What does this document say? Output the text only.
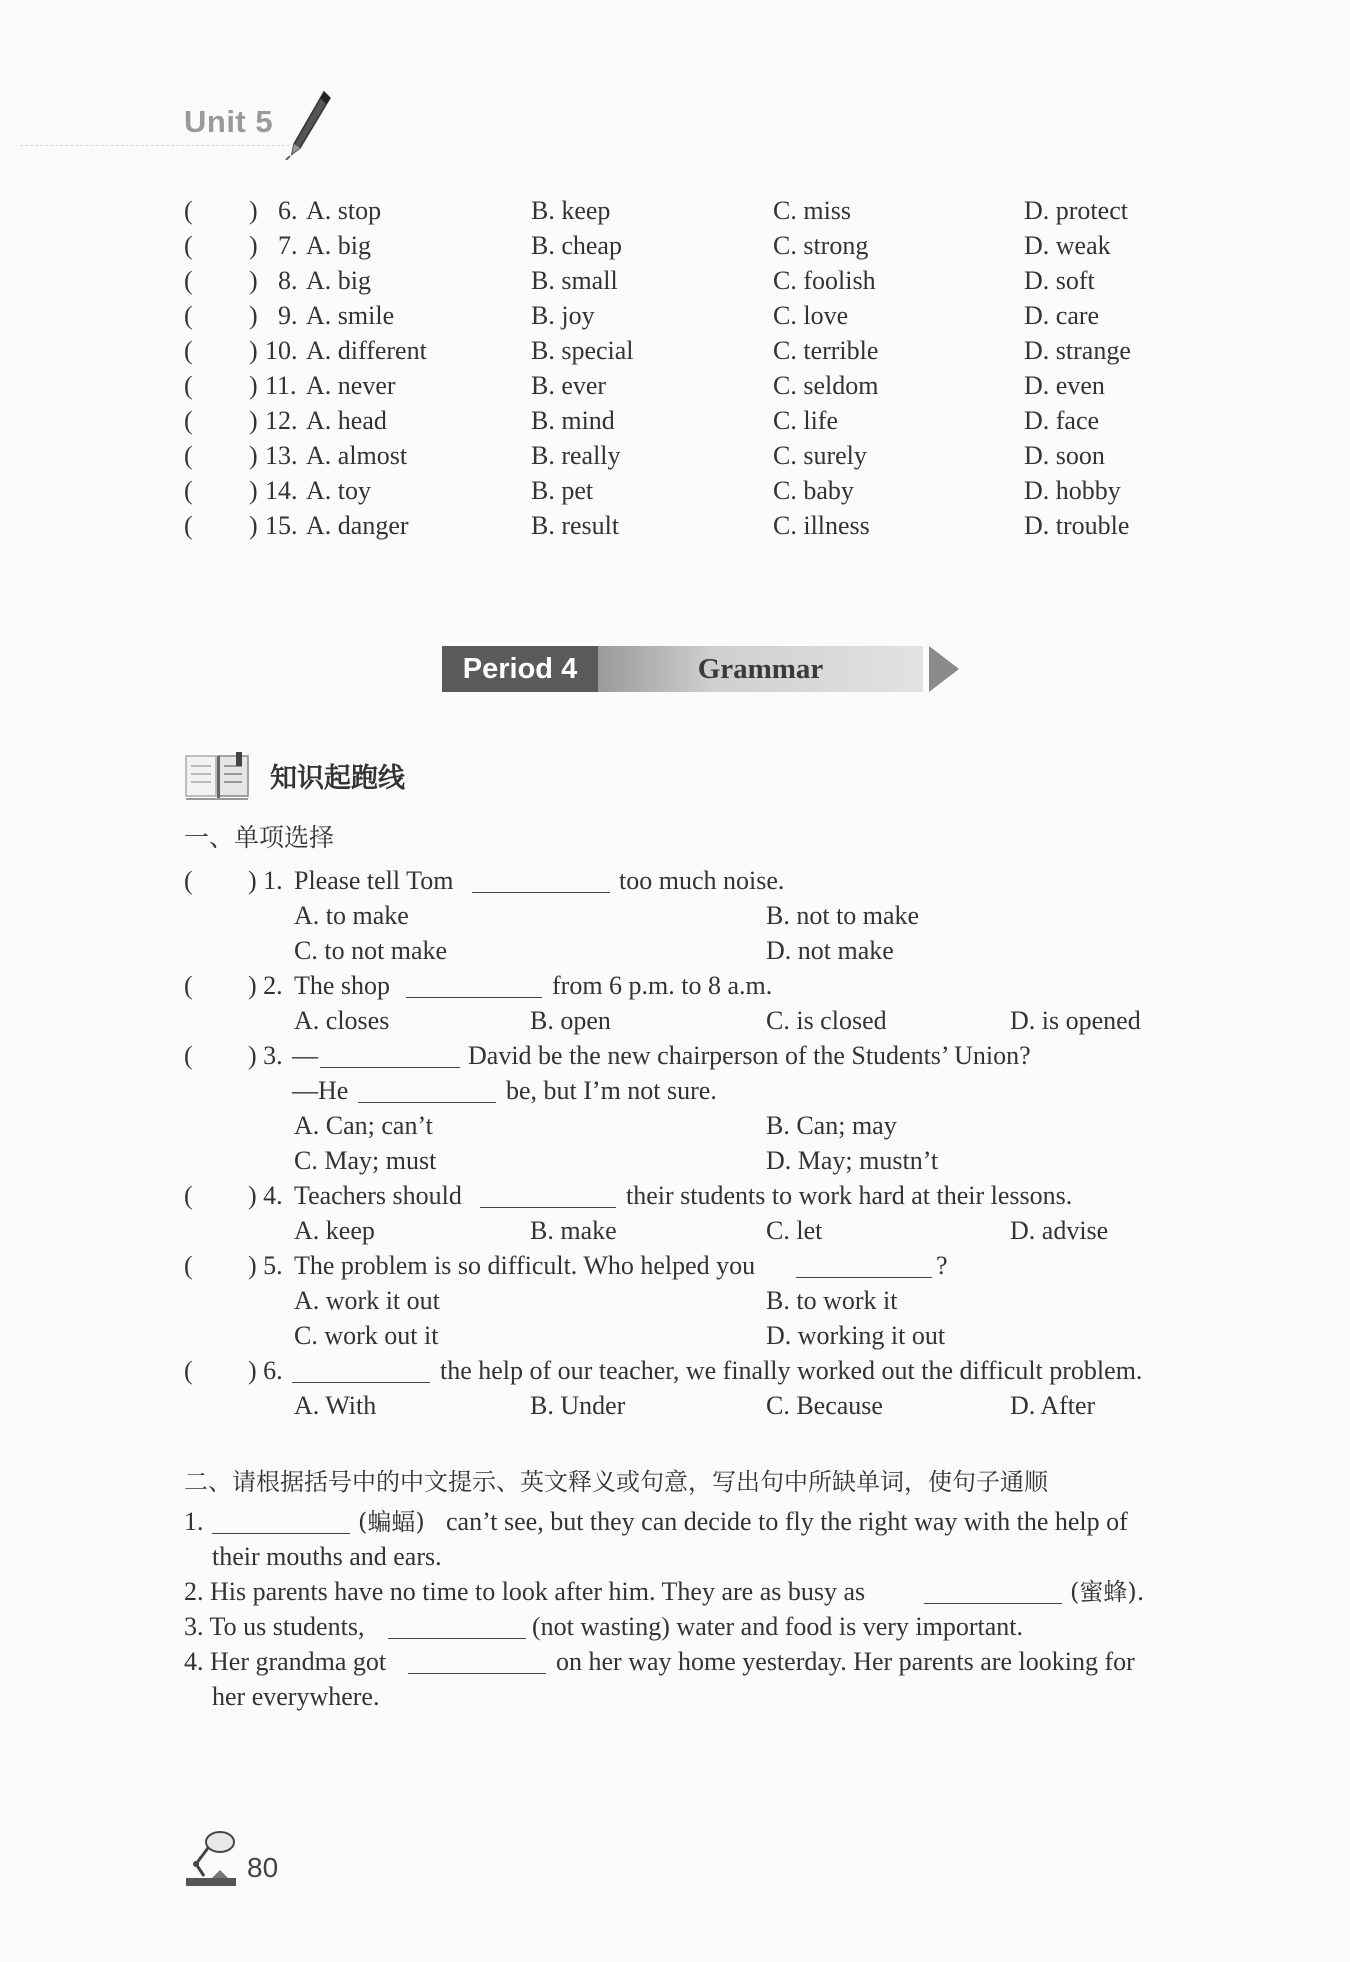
Unit 5
( ) 6. A. stop	B. keep	C. miss	D. protect
( ) 7. A. big	B. cheap	C. strong	D. weak
( ) 8. A. big	B. small	C. foolish	D. soft
( ) 9. A. smile	B. joy	C. love	D. care
( ) 10. A. different	B. special	C. terrible	D. strange
( ) 11. A. never	B. ever	C. seldom	D. even
( ) 12. A. head	B. mind	C. life	D. face
( ) 13. A. almost	B. really	C. surely	D. soon
( ) 14. A. toy	B. pet	C. baby	D. hobby
( ) 15. A. danger	B. result	C. illness	D. trouble
Period 4	Grammar
知识起跑线
一、单项选择
( ) 1. Please tell Tom	too much noise.
A. to make	B. not to make
C. to not make	D. not make
( ) 2. The shop	from 6 p.m. to 8 a.m.
A. closes	B. open	C. is closed	D. is opened
( ) 3. —	David be the new chairperson of the Students’ Union?
—He	be, but I’m not sure.
A. Can; can’t	B. Can; may
C. May; must	D. May; mustn’t
( ) 4. Teachers should	their students to work hard at their lessons.
A. keep	B. make	C. let	D. advise
( ) 5. The problem is so difficult. Who helped you	?
A. work it out	B. to work it
C. work out it	D. working it out
( ) 6.	the help of our teacher, we finally worked out the difficult problem.
A. With	B. Under	C. Because	D. After
二、请根据括号中的中文提示、英文释义或句意，写出句中所缺单词，使句子通顺
1.	(蝙蝠) can’t see, but they can decide to fly the right way with the help of
their mouths and ears.
2. His parents have no time to look after him. They are as busy as	(蜜蜂).
3. To us students,	(not wasting) water and food is very important.
4. Her grandma got	on her way home yesterday. Her parents are looking for
her everywhere.
80
